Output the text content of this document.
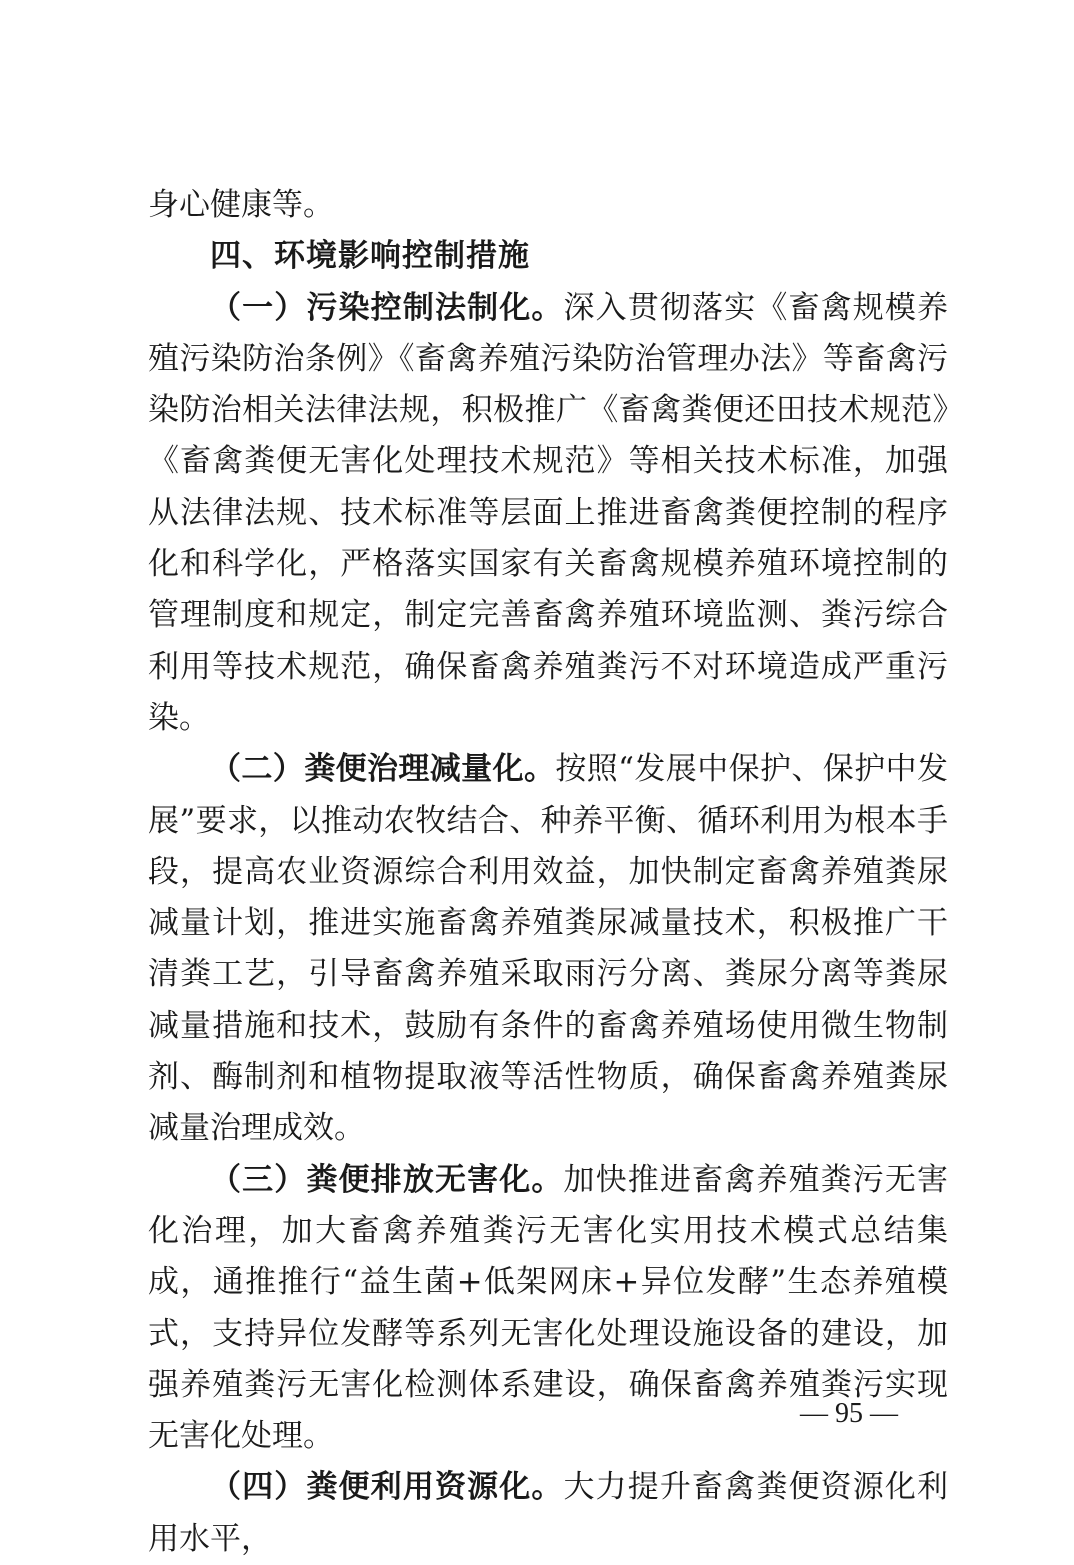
身心健康等。

四、环境影响控制措施

（一）污染控制法制化。深入贯彻落实《畜禽规模养殖污染防治条例》《畜禽养殖污染防治管理办法》等畜禽污染防治相关法律法规，积极推广《畜禽粪便还田技术规范》《畜禽粪便无害化处理技术规范》等相关技术标准，加强从法律法规、技术标准等层面上推进畜禽粪便控制的程序化和科学化，严格落实国家有关畜禽规模养殖环境控制的管理制度和规定，制定完善畜禽养殖环境监测、粪污综合利用等技术规范，确保畜禽养殖粪污不对环境造成严重污染。

（二）粪便治理减量化。按照“发展中保护、保护中发展”要求，以推动农牧结合、种养平衡、循环利用为根本手段，提高农业资源综合利用效益，加快制定畜禽养殖粪尿减量计划，推进实施畜禽养殖粪尿减量技术，积极推广干清粪工艺，引导畜禽养殖采取雨污分离、粪尿分离等粪尿减量措施和技术，鼓励有条件的畜禽养殖场使用微生物制剂、酶制剂和植物提取液等活性物质，确保畜禽养殖粪尿减量治理成效。

（三）粪便排放无害化。加快推进畜禽养殖粪污无害化治理，加大畜禽养殖粪污无害化实用技术模式总结集成，通推推行“益生菌+低架网床+异位发酵”生态养殖模式，支持异位发酵等系列无害化处理设施设备的建设，加强养殖粪污无害化检测体系建设，确保畜禽养殖粪污实现无害化处理。

（四）粪便利用资源化。大力提升畜禽粪便资源化利用水平，

— 95 —
